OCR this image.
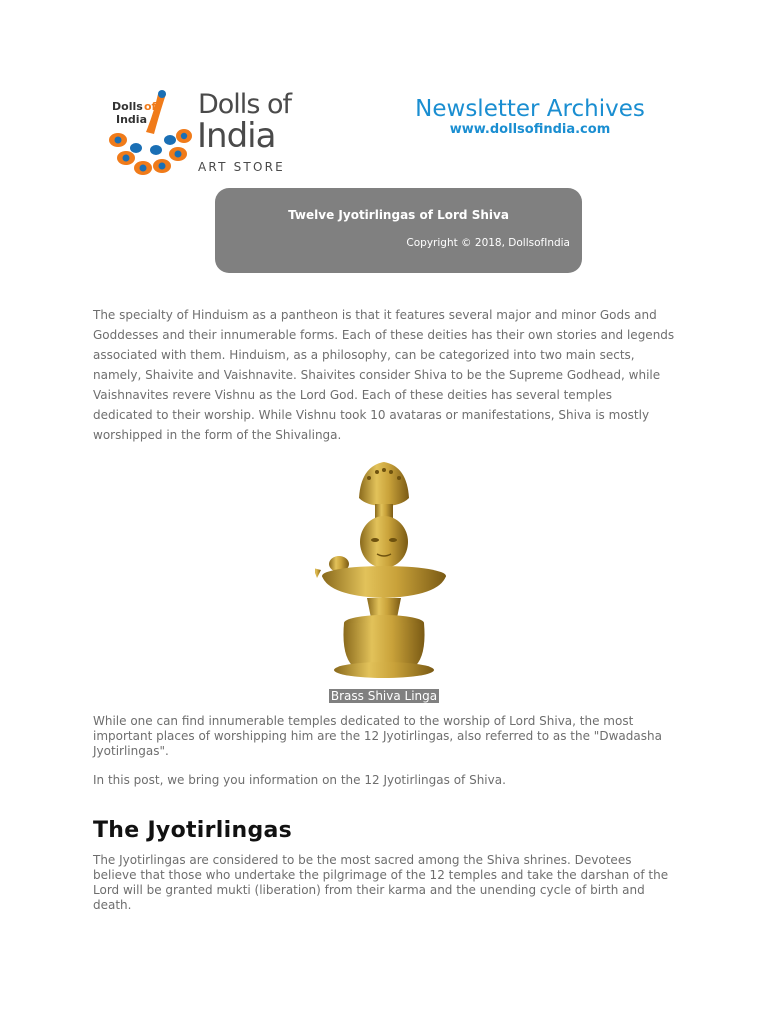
Dolls of
India Dolls of
India
ART STORE
Newsletter Archives
www.dollsofindia.com
Twelve Jyotirlingas of Lord Shiva
Copyright © 2018, DollsofIndia
The specialty of Hinduism as a pantheon is that it features several major and minor Gods and Goddesses and their innumerable forms. Each of these deities has their own stories and legends associated with them. Hinduism, as a philosophy, can be categorized into two main sects, namely, Shaivite and Vaishnavite. Shaivites consider Shiva to be the Supreme Godhead, while Vaishnavites revere Vishnu as the Lord God. Each of these deities has several temples dedicated to their worship. While Vishnu took 10 avataras or manifestations, Shiva is mostly worshipped in the form of the Shivalinga.
Brass Shiva Linga
While one can find innumerable temples dedicated to the worship of Lord Shiva, the most important places of worshipping him are the 12 Jyotirlingas, also referred to as the "Dwadasha Jyotirlingas".
In this post, we bring you information on the 12 Jyotirlingas of Shiva.
The Jyotirlingas
The Jyotirlingas are considered to be the most sacred among the Shiva shrines. Devotees believe that those who undertake the pilgrimage of the 12 temples and take the darshan of the Lord will be granted mukti (liberation) from their karma and the unending cycle of birth and death.
